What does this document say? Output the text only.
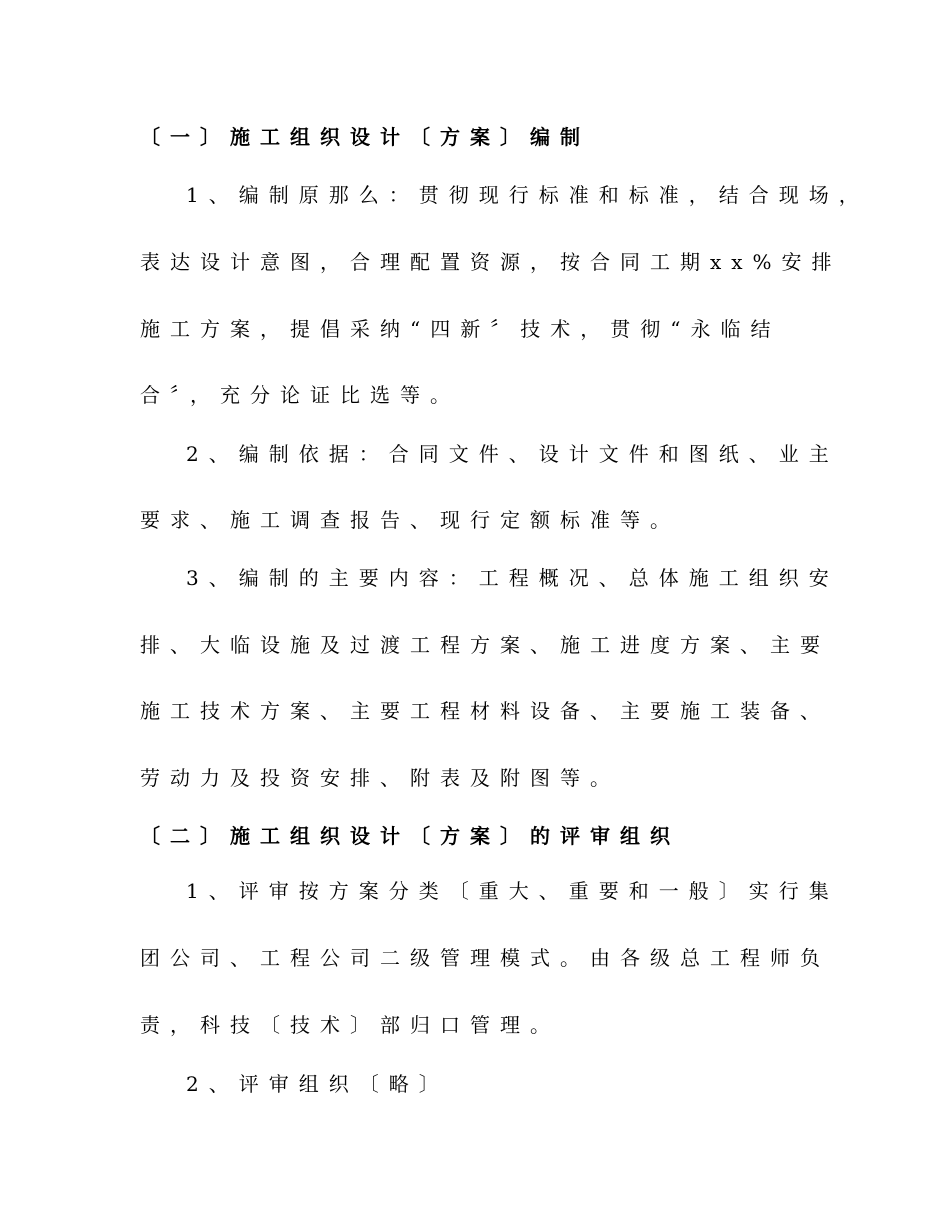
〔一〕施工组织设计〔方案〕编制
1、编制原那么：贯彻现行标准和标准，结合现场，
表达设计意图，合理配置资源，按合同工期xx%安排
施工方案，提倡采纳“四新〞技术，贯彻“永临结
合〞，充分论证比选等。
2、编制依据：合同文件、设计文件和图纸、业主
要求、施工调查报告、现行定额标准等。
3、编制的主要内容：工程概况、总体施工组织安
排、大临设施及过渡工程方案、施工进度方案、主要
施工技术方案、主要工程材料设备、主要施工装备、
劳动力及投资安排、附表及附图等。
〔二〕施工组织设计〔方案〕的评审组织
1、评审按方案分类〔重大、重要和一般〕实行集
团公司、工程公司二级管理模式。由各级总工程师负
责，科技〔技术〕部归口管理。
2、评审组织〔略〕
